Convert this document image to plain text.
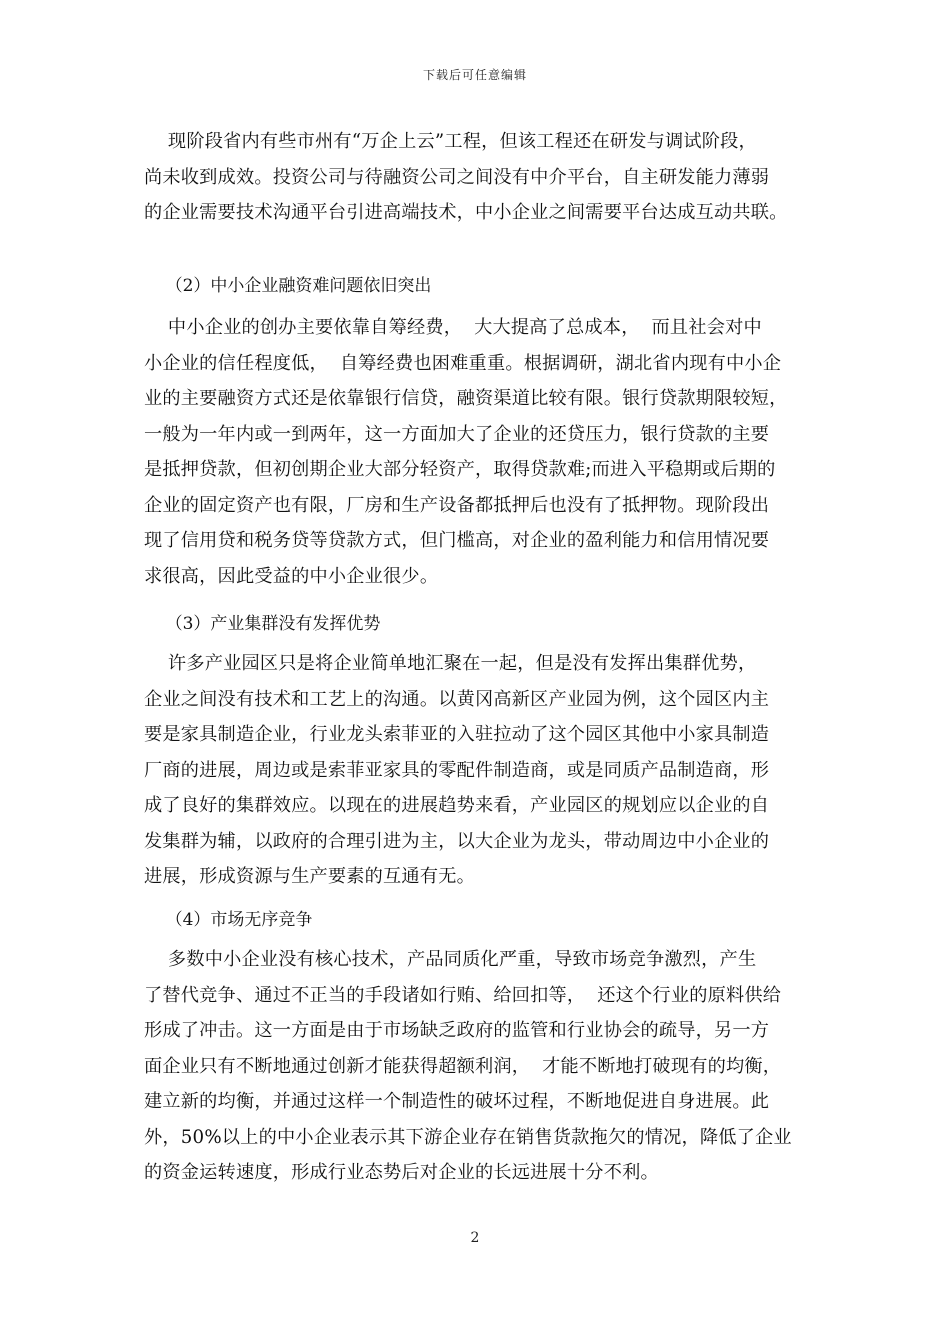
下载后可任意编辑
现阶段省内有些市州有“万企上云”工程，但该工程还在研发与调试阶段，
尚未收到成效。投资公司与待融资公司之间没有中介平台，自主研发能力薄弱
的企业需要技术沟通平台引进高端技术，中小企业之间需要平台达成互动共联。
（2）中小企业融资难问题依旧突出
中小企业的创办主要依靠自筹经费，  大大提高了总成本，  而且社会对中
小企业的信任程度低，  自筹经费也困难重重。根据调研，湖北省内现有中小企
业的主要融资方式还是依靠银行信贷，融资渠道比较有限。银行贷款期限较短，
一般为一年内或一到两年，这一方面加大了企业的还贷压力，银行贷款的主要
是抵押贷款，但初创期企业大部分轻资产，取得贷款难;而进入平稳期或后期的
企业的固定资产也有限，厂房和生产设备都抵押后也没有了抵押物。现阶段出
现了信用贷和税务贷等贷款方式，但门槛高，对企业的盈利能力和信用情况要
求很高，因此受益的中小企业很少。
（3）产业集群没有发挥优势
许多产业园区只是将企业简单地汇聚在一起，但是没有发挥出集群优势，
企业之间没有技术和工艺上的沟通。以黄冈高新区产业园为例，这个园区内主
要是家具制造企业，行业龙头索菲亚的入驻拉动了这个园区其他中小家具制造
厂商的进展，周边或是索菲亚家具的零配件制造商，或是同质产品制造商，形
成了良好的集群效应。以现在的进展趋势来看，产业园区的规划应以企业的自
发集群为辅，以政府的合理引进为主，以大企业为龙头，带动周边中小企业的
进展，形成资源与生产要素的互通有无。
（4）市场无序竞争
多数中小企业没有核心技术，产品同质化严重，导致市场竞争激烈，产生
了替代竞争、通过不正当的手段诸如行贿、给回扣等，  还这个行业的原料供给
形成了冲击。这一方面是由于市场缺乏政府的监管和行业协会的疏导，另一方
面企业只有不断地通过创新才能获得超额利润，  才能不断地打破现有的均衡，
建立新的均衡，并通过这样一个制造性的破坏过程，不断地促进自身进展。此
外，50%以上的中小企业表示其下游企业存在销售货款拖欠的情况，降低了企业
的资金运转速度，形成行业态势后对企业的长远进展十分不利。
2
